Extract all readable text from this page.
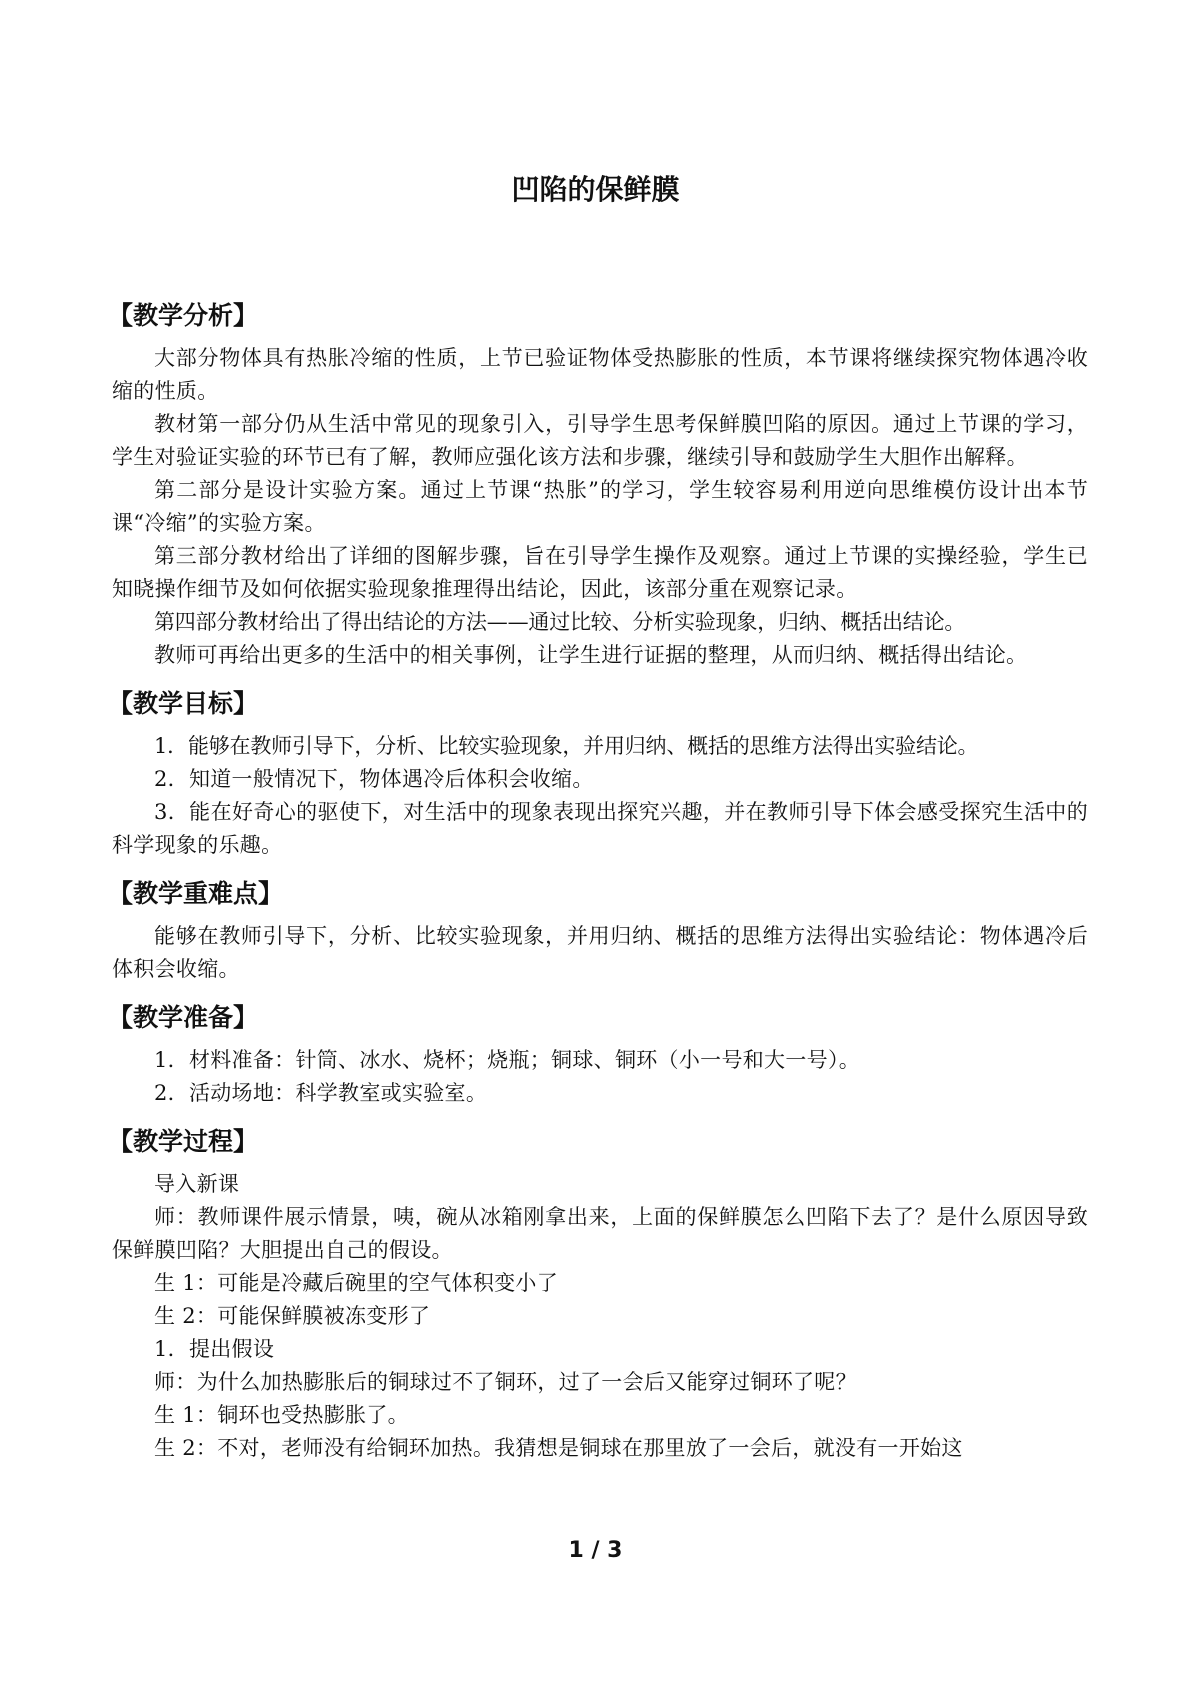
凹陷的保鲜膜
【教学分析】

大部分物体具有热胀冷缩的性质，上节已验证物体受热膨胀的性质，本节课将继续探究物体遇冷收缩的性质。

教材第一部分仍从生活中常见的现象引入，引导学生思考保鲜膜凹陷的原因。通过上节课的学习，学生对验证实验的环节已有了解，教师应强化该方法和步骤，继续引导和鼓励学生大胆作出解释。

第二部分是设计实验方案。通过上节课“热胀”的学习，学生较容易利用逆向思维模仿设计出本节课“冷缩”的实验方案。

第三部分教材给出了详细的图解步骤，旨在引导学生操作及观察。通过上节课的实操经验，学生已知晓操作细节及如何依据实验现象推理得出结论，因此，该部分重在观察记录。

第四部分教材给出了得出结论的方法——通过比较、分析实验现象，归纳、概括出结论。

教师可再给出更多的生活中的相关事例，让学生进行证据的整理，从而归纳、概括得出结论。

【教学目标】

1．能够在教师引导下，分析、比较实验现象，并用归纳、概括的思维方法得出实验结论。

2．知道一般情况下，物体遇冷后体积会收缩。

3．能在好奇心的驱使下，对生活中的现象表现出探究兴趣，并在教师引导下体会感受探究生活中的科学现象的乐趣。

【教学重难点】

能够在教师引导下，分析、比较实验现象，并用归纳、概括的思维方法得出实验结论：物体遇冷后体积会收缩。

【教学准备】

1．材料准备：针筒、冰水、烧杯；烧瓶；铜球、铜环（小一号和大一号）。

2．活动场地：科学教室或实验室。

【教学过程】

导入新课

师：教师课件展示情景，咦，碗从冰箱刚拿出来，上面的保鲜膜怎么凹陷下去了？是什么原因导致保鲜膜凹陷？大胆提出自己的假设。

生 1：可能是冷藏后碗里的空气体积变小了

生 2：可能保鲜膜被冻变形了

1．提出假设

师：为什么加热膨胀后的铜球过不了铜环，过了一会后又能穿过铜环了呢？

生 1：铜环也受热膨胀了。

生 2：不对，老师没有给铜环加热。我猜想是铜球在那里放了一会后，就没有一开始这

1 / 3
